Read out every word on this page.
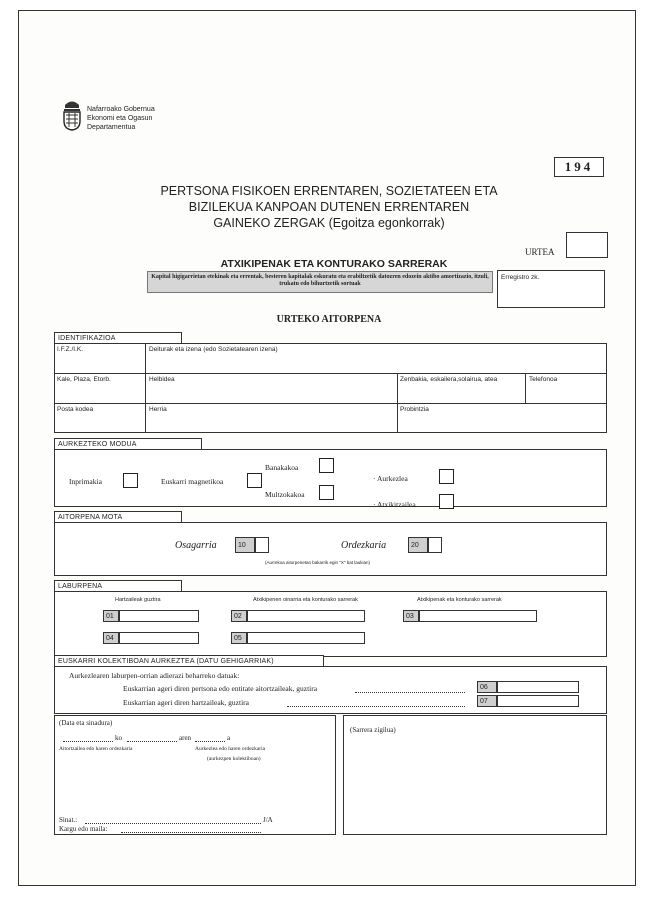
Nafarroako Gobernua
Ekonomi eta Ogasun
Departamentua
194
PERTSONA FISIKOEN ERRENTAREN, SOZIETATEEN ETA
BIZILEKUA KANPOAN DUTENEN ERRENTAREN
GAINEKO ZERGAK (Egoitza egonkorrak)
URTEA
ATXIKIPENAK ETA KONTURAKO SARRERAK
Kapital higigarrietan etekinak eta errentak, besteren kapitalak eskuratu eta erabiltzetik datozren edozein aktibo amortizazio, itzuli, trukatu edo bihurtzetik sortuak
Erregistro zk.
URTEKO AITORPENA
IDENTIFIKAZIOA
I.F.Z./I.K.	Deiturak eta izena (edo Sozietatearen izena)
Kale, Plaza, Etorb.	Helbidea	Zenbakia, eskailera,solairua, atea	Telefonoa
Posta kodea	Herria	Probintzia
AURKEZTEKO MODUA
Inprimakia	Euskarri magnetikoa
Banakakoa
Multzokakoa
· Aurkezlea
· Atxikitzailea
AITORPENA MOTA
Osagarria	10	Ordezkaria	20
(Aurrekoa aitorpenetan bakarrik egin "X" bat laukian)
LABURPENA
Hartzaileak guztira	Atxikipenen oinarria eta konturako sarrerak	Atxikipenak eta konturako sarrerak
01	02	03
04	05
EUSKARRI KOLEKTIBOAN AURKEZTEA (DATU GEHIGARRIAK)
Aurkezlearen laburpen-orrian adierazi beharreko datuak:
Euskarrian ageri diren pertsona edo entitate aitortzaileak, guztira	06
Euskarrian ageri diren hartzaileak, guztira	07
(Data eta sinadura)
ko	aren	a
Aitortzailea edo haren ordezkaria	Aurkezlea edo haren ordezkaria
(aurkezpen kolektiboan)
Sinat.:	J/A
Kargu edo maila:
(Sarrera zigilua)
